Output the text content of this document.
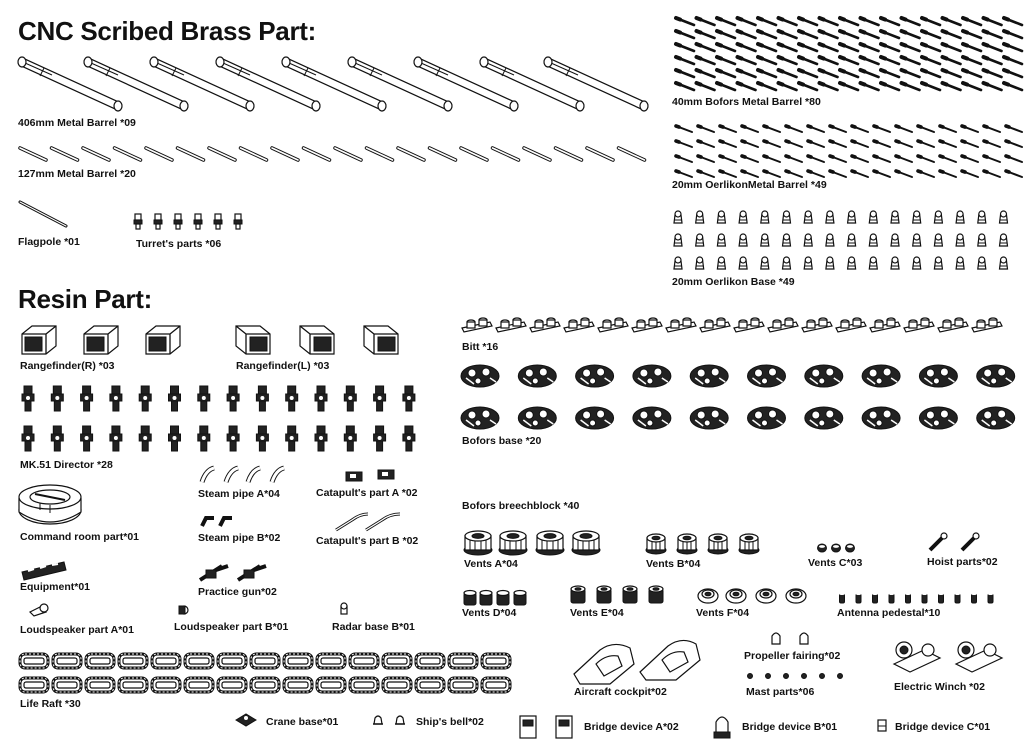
CNC Scribed Brass Part:
Resin Part:
406mm Metal Barrel *09
127mm Metal Barrel *20
Flagpole *01	Turret's parts *06
40mm Bofors Metal Barrel *80
20mm OerlikonMetal Barrel *49
20mm Oerlikon Base *49
Rangefinder(R) *03	Rangefinder(L) *03
MK.51 Director *28
Command room part*01
Equipment*01
Loudspeaker part A*01	Loudspeaker part B*01	Radar base B*01
Steam pipe A*04
Steam pipe B*02
Practice gun*02
Catapult's part A *02
Catapult's part B *02
Life Raft *30
Crane base*01	Ship's bell*02
Bitt *16
Bofors base *20
Bofors breechblock *40
Vents A*04	Vents B*04	Vents C*03	Hoist parts*02
Vents D*04	Vents E*04	Vents F*04	Antenna pedestal*10
Aircraft cockpit*02
Propeller fairing*02
Mast parts*06	Electric Winch *02
Bridge device A*02	Bridge device B*01	Bridge device C*01
